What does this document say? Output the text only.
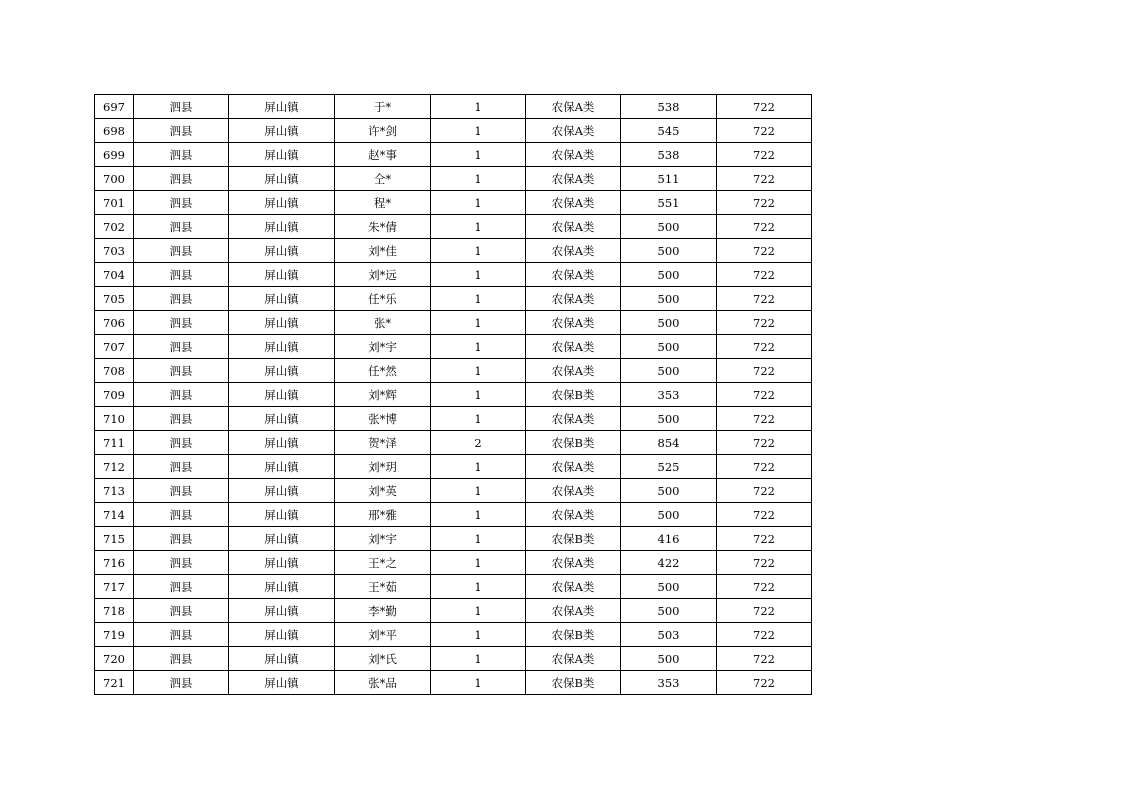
697	泗县	屏山镇	于*	1	农保A类	538	722
698	泗县	屏山镇	许*剑	1	农保A类	545	722
699	泗县	屏山镇	赵*事	1	农保A类	538	722
700	泗县	屏山镇	仝*	1	农保A类	511	722
701	泗县	屏山镇	程*	1	农保A类	551	722
702	泗县	屏山镇	朱*倩	1	农保A类	500	722
703	泗县	屏山镇	刘*佳	1	农保A类	500	722
704	泗县	屏山镇	刘*远	1	农保A类	500	722
705	泗县	屏山镇	任*乐	1	农保A类	500	722
706	泗县	屏山镇	张*	1	农保A类	500	722
707	泗县	屏山镇	刘*宇	1	农保A类	500	722
708	泗县	屏山镇	任*然	1	农保A类	500	722
709	泗县	屏山镇	刘*辉	1	农保B类	353	722
710	泗县	屏山镇	张*博	1	农保A类	500	722
711	泗县	屏山镇	贺*泽	2	农保B类	854	722
712	泗县	屏山镇	刘*玥	1	农保A类	525	722
713	泗县	屏山镇	刘*英	1	农保A类	500	722
714	泗县	屏山镇	邢*雅	1	农保A类	500	722
715	泗县	屏山镇	刘*宇	1	农保B类	416	722
716	泗县	屏山镇	王*之	1	农保A类	422	722
717	泗县	屏山镇	王*茹	1	农保A类	500	722
718	泗县	屏山镇	李*勤	1	农保A类	500	722
719	泗县	屏山镇	刘*平	1	农保B类	503	722
720	泗县	屏山镇	刘*氏	1	农保A类	500	722
721	泗县	屏山镇	张*品	1	农保B类	353	722
